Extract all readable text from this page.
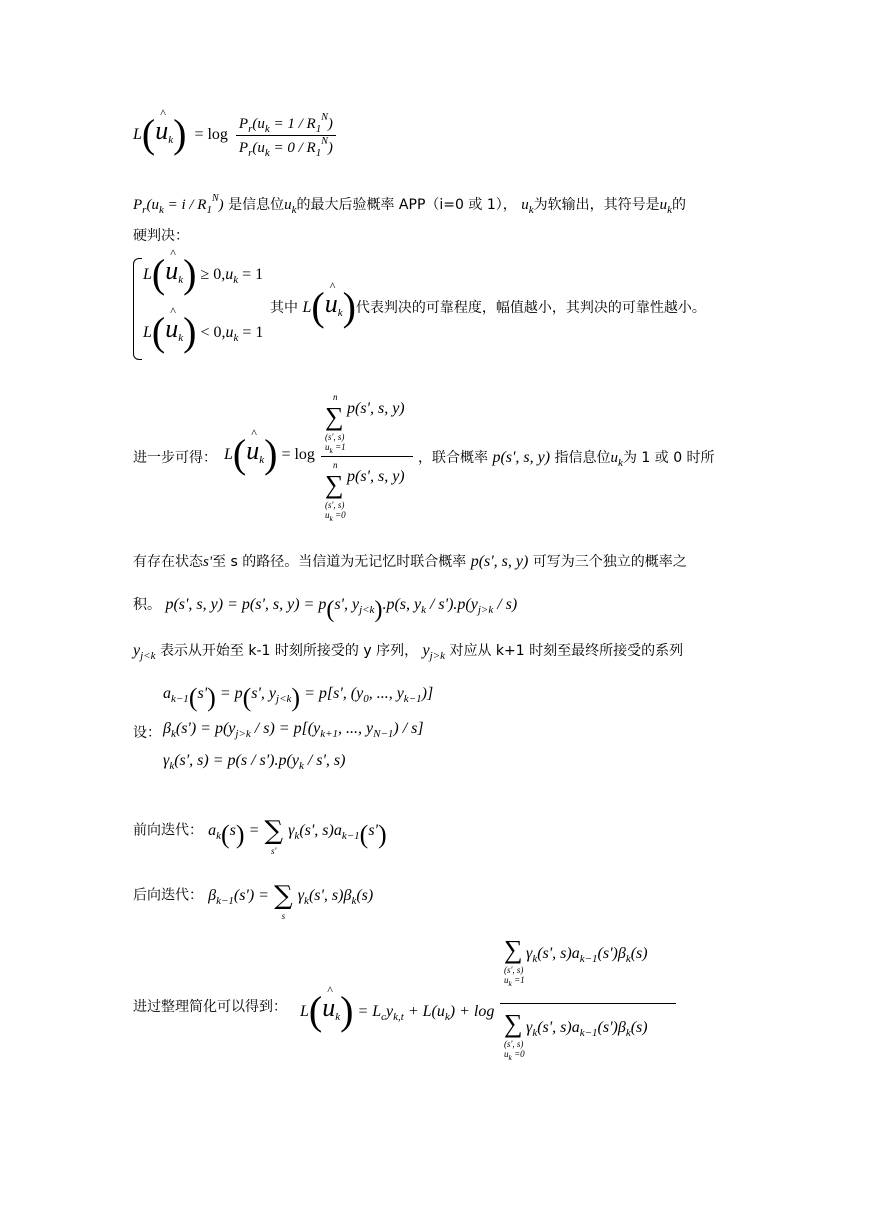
L(^ $u_k) = \log \frac{P_r(u_k = 1 / R_1^N)}{P_r(u_k = 0 / R_1^N)}$
$P_r(u_k = i / R_1^N)$ 是信息位$u_k$的最大后验概率 APP（i=0 或 1）， $u_k$为软输出，其符号是$u_k$的
硬判决：
L(^ $u_k) \ge 0,u_k = 1$
L(^ $u_k) < 0,u_k = 1$
其中 L(^ $u_k$)代表判决的可靠程度，幅值越小，其判决的可靠性越小。
进一步可得： L(^ $u_k) = \log$
n
∑
(s', s)
$u_k =1$
p(s', s, y)
n
∑
(s', s)
$u_k =0$
p(s', s, y)
，联合概率 p(s', s, y) 指信息位$u_k$为 1 或 0 时所
有存在状态s'至 s 的路径。当信道为无记忆时联合概率 p(s', s, y) 可写为三个独立的概率之
积。 p(s', s, y) = p(s', s, y) = p(s', $y_{j<k}).p(s$, $y_k / s').p(y_{j>k} / s)$
$y_{j<k}$ 表示从开始至 k-1 时刻所接受的 y 序列， $y_{j>k}$ 对应从 k+1 时刻至最终所接受的系列
$a_{k-1}(s') = p(s'$, $y_{j<k}) = p[s'$, ($y_0$, ..., $y_{k-1}$)]
设： $\beta_k(s') = p(y_{j>k} / s) = p[(y_{k+1}$, ..., $y_{N-1}) / s$]
$\gamma_k(s'$, $s) = p(s / s').p(y_k / s'$, s)
前向迭代： $a_k(s)$ = ∑
s'
$\gamma_k(s'$, $s)a_{k-1}(s')$
后向迭代： $\beta_{k-1}(s')$ = ∑
s
$\gamma_k(s'$, $s)\beta_k(s)$
进过整理简化可以得到： L(^ $u_k) = L_cy_{k,t} + L(u_k) + \log$
∑
(s', s)
$u_k =1$
$\gamma_k(s'$, $s)a_{k-1}(s')\beta_k(s)$
∑
(s', s)
$u_k =0$
$\gamma_k(s'$, $s)a_{k-1}(s')\beta_k(s)$
